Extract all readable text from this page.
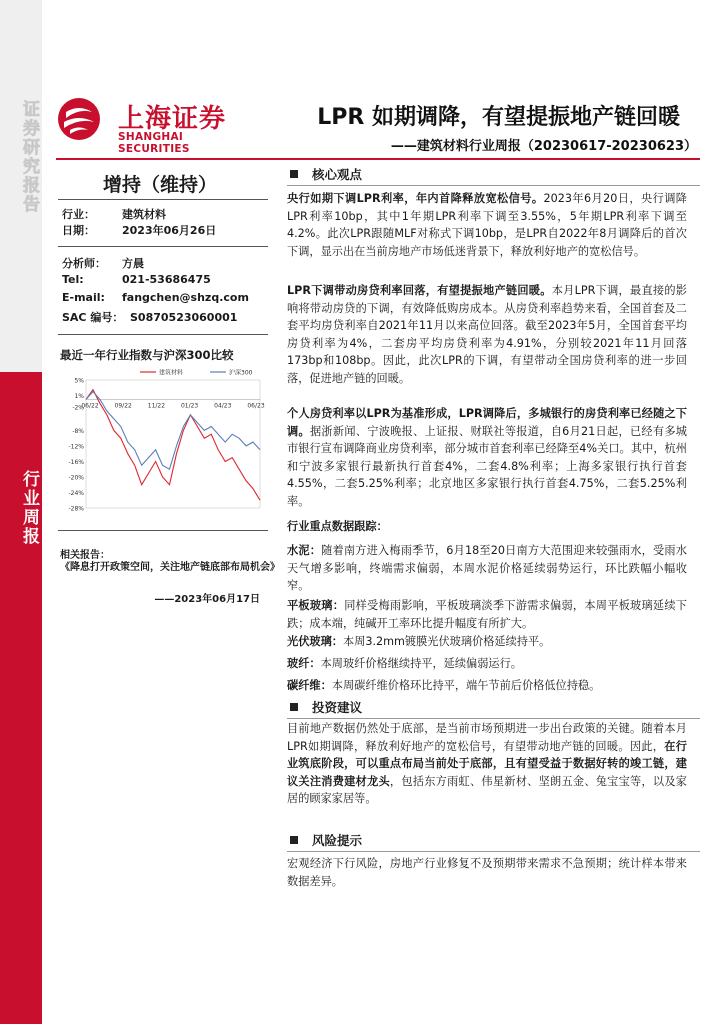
证券研究报告
行业周报
上海证券
SHANGHAI SECURITIES
LPR 如期调降，有望提振地产链回暖
——建筑材料行业周报（20230617-20230623）
增持（维持）
行业： 建筑材料
日期： 2023年06月26日
分析师： 方晨
Tel:	021-53686475
E-mail: fangchen@shzq.com
SAC 编号： S0870523060001
最近一年行业指数与沪深300比较
5%
1%
-2%
-8%
-12%
-16%
-20%
-24%
-28%
06/22	09/22	11/22	01/23	04/23	06/23
建筑材料	沪深300
相关报告：
《降息打开政策空间，关注地产链底部布局机会》
——2023年06月17日
核心观点

央行如期下调LPR利率，年内首降释放宽松信号。2023年6月20日，央行调降LPR利率10bp，其中1年期LPR利率下调至3.55%，5年期LPR利率下调至4.2%。此次LPR跟随MLF对称式下调10bp，是LPR自2022年8月调降后的首次下调，显示出在当前房地产市场低迷背景下，释放利好地产的宽松信号。

LPR下调带动房贷利率回落，有望提振地产链回暖。本月LPR下调，最直接的影响将带动房贷的下调，有效降低购房成本。从房贷利率趋势来看，全国首套及二套平均房贷利率自2021年11月以来高位回落。截至2023年5月，全国首套平均房贷利率为4%，二套房平均房贷利率为4.91%，分别较2021年11月回落173bp和108bp。因此，此次LPR的下调，有望带动全国房贷利率的进一步回落，促进地产链的回暖。

个人房贷利率以LPR为基准形成，LPR调降后，多城银行的房贷利率已经随之下调。据浙新闻、宁波晚报、上证报、财联社等报道，自6月21日起，已经有多城市银行宣布调降商业房贷利率，部分城市首套利率已经降至4%关口。其中，杭州和宁波多家银行最新执行首套4%，二套4.8%利率；上海多家银行执行首套4.55%，二套5.25%利率；北京地区多家银行执行首套4.75%，二套5.25%利率。

行业重点数据跟踪：
水泥：随着南方进入梅雨季节，6月18至20日南方大范围迎来较强雨水，受雨水天气增多影响，终端需求偏弱，本周水泥价格延续弱势运行，环比跌幅小幅收窄。
平板玻璃：同样受梅雨影响，平板玻璃淡季下游需求偏弱，本周平板玻璃延续下跌；成本端，纯碱开工率环比提升幅度有所扩大。
光伏玻璃：本周3.2mm镀膜光伏玻璃价格延续持平。
玻纤：本周玻纤价格继续持平，延续偏弱运行。
碳纤维：本周碳纤维价格环比持平，端午节前后价格低位持稳。
投资建议

目前地产数据仍然处于底部，是当前市场预期进一步出台政策的关键。随着本月LPR如期调降，释放利好地产的宽松信号，有望带动地产链的回暖。因此，在行业筑底阶段，可以重点布局当前处于底部，且有望受益于数据好转的竣工链，建议关注消费建材龙头，包括东方雨虹、伟星新材、坚朗五金、兔宝宝等，以及家居的顾家家居等。

风险提示

宏观经济下行风险，房地产行业修复不及预期带来需求不急预期；统计样本带来数据差异。
